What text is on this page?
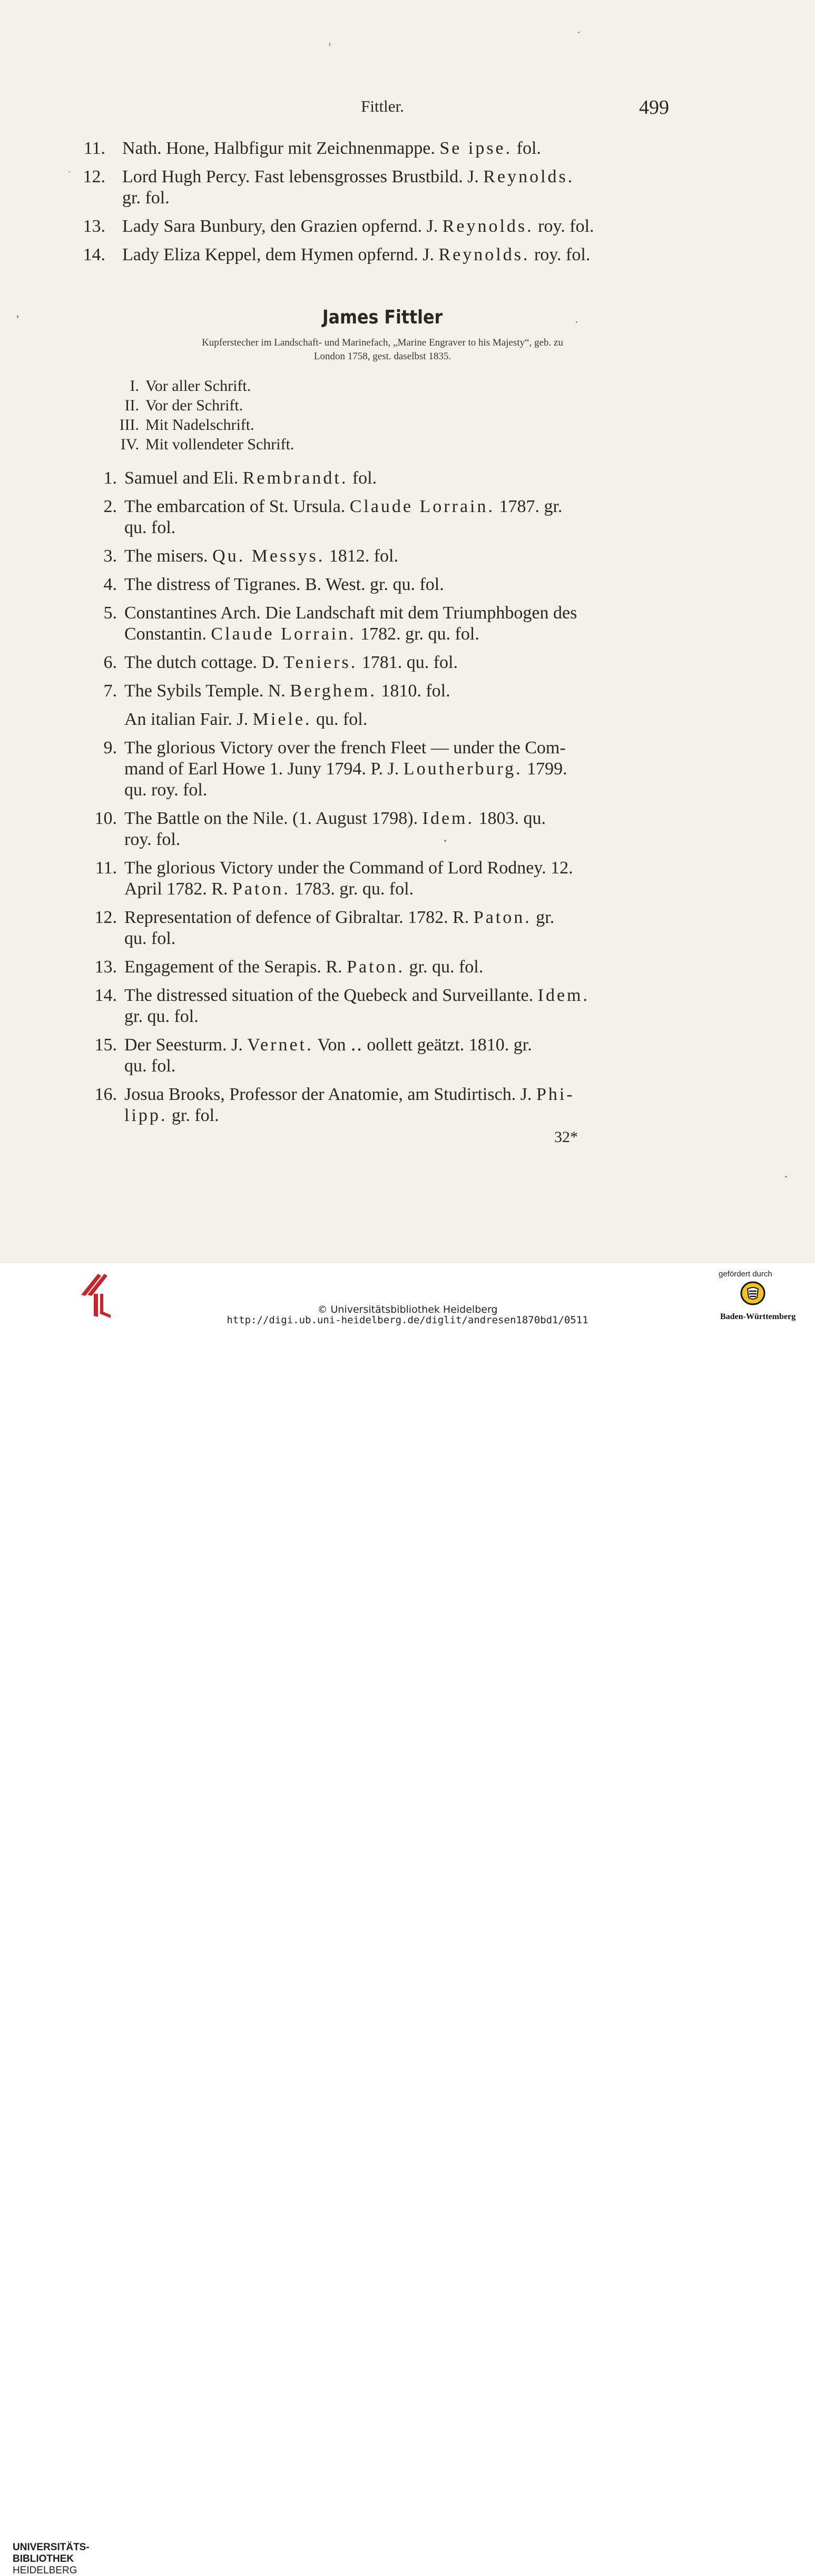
Fittler.	499
11. Nath. Hone, Halbfigur mit Zeichnenmappe. Se ipse. fol.
12. Lord Hugh Percy. Fast lebensgrosses Brustbild. J. Reynolds.
gr. fol.
13. Lady Sara Bunbury, den Grazien opfernd. J. Reynolds. roy. fol.
14. Lady Eliza Keppel, dem Hymen opfernd. J. Reynolds. roy. fol.
James Fittler
Kupferstecher im Landschaft- und Marinefach, „Marine Engraver to his Majesty“, geb. zu
London 1758, gest. daselbst 1835.
I. Vor aller Schrift.
II. Vor der Schrift.
III. Mit Nadelschrift.
IV. Mit vollendeter Schrift.
1. Samuel and Eli. Rembrandt. fol.
2. The embarcation of St. Ursula. Claude Lorrain. 1787. gr.
qu. fol.
3. The misers. Qu. Messys. 1812. fol.
4. The distress of Tigranes. B. West. gr. qu. fol.
5. Constantines Arch. Die Landschaft mit dem Triumphbogen des
Constantin. Claude Lorrain. 1782. gr. qu. fol.
6. The dutch cottage. D. Teniers. 1781. qu. fol.
7. The Sybils Temple. N. Berghem. 1810. fol.
An italian Fair. J. Miele. qu. fol.
9. The glorious Victory over the french Fleet — under the Com-
mand of Earl Howe 1. Juny 1794. P. J. Loutherburg. 1799.
qu. roy. fol.
10. The Battle on the Nile. (1. August 1798). Idem. 1803. qu.
roy. fol.
11. The glorious Victory under the Command of Lord Rodney. 12.
April 1782. R. Paton. 1783. gr. qu. fol.
12. Representation of defence of Gibraltar. 1782. R. Paton. gr.
qu. fol.
13. Engagement of the Serapis. R. Paton. gr. qu. fol.
14. The distressed situation of the Quebeck and Surveillante. Idem.
gr. qu. fol.
15. Der Seesturm. J. Vernet. Von ‥ oollett geätzt. 1810. gr.
qu. fol.
16. Josua Brooks, Professor der Anatomie, am Studirtisch. J. Phi-
lipp. gr. fol.
32*
UNIVERSITÄTS-
BIBLIOTHEK
HEIDELBERG
© Universitätsbibliothek Heidelberg
http://digi.ub.uni-heidelberg.de/diglit/andresen1870bd1/0511
gefördert durch
Baden-Württemberg
